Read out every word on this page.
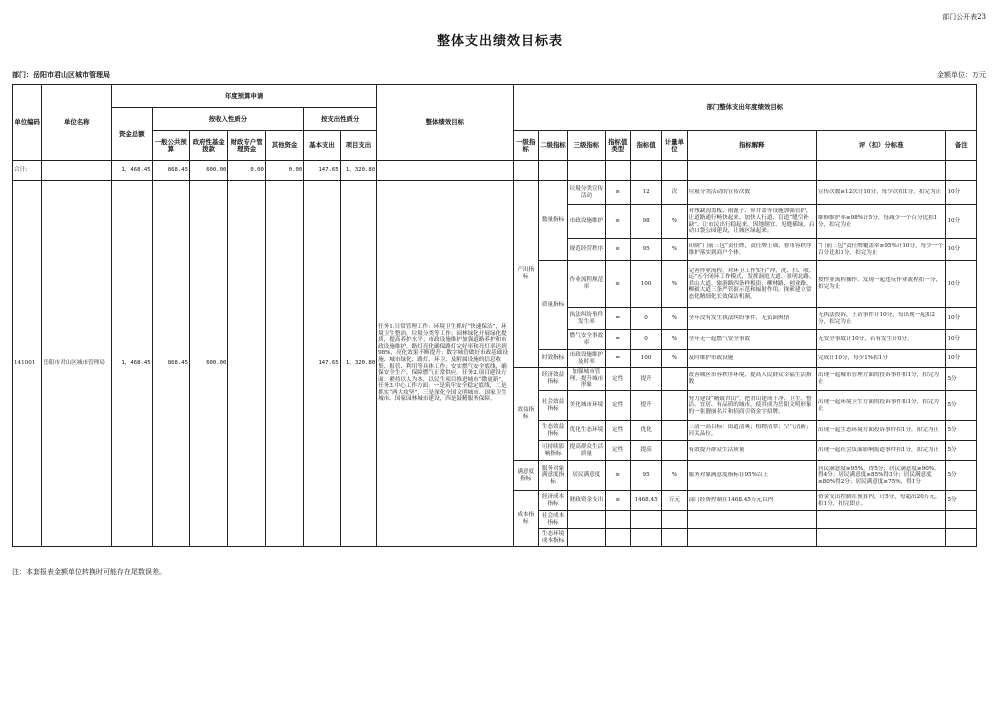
部门公开表23
整体支出绩效目标表
部门：岳阳市君山区城市管理局	金额单位：万元
单位编码	单位名称	年度预算申请							整体绩效目标	部门整体支出年度绩效目标								
		资金总额	按收入性质分				按支出性质分											
			一般公共预算	政府性基金拨款	财政专户管理资金	其他资金	基本支出	项目支出										
										一级指标	二级指标	三级指标	指标值类型	指标值	计量单位	指标解释	评（扣）分标准	备注
合计:		1，468.45	868.45	600.00	0.00	0.00	147.65	1，320.80										
141001	岳阳市君山区城市管理局	1，468.45	868.45	600.00			147.65	1，320.80	任务1.日常管理工作：环境卫生抓好“快速保洁”，环境卫生整治，垃圾分类等工作；园林绿化开展绿化提质，提高养护水平；市政设施维护加强道路养护和市政设施维护，路灯亮化确保路灯完好率和亮灯率达到98%，亮化效果不断提升；数字城管做好市政基础设施、城市绿化、路灯、环卫、及附属设施的信息收集、报管、利用等具体工作；安实燃气安全底线，确保安全生产，保障燃气正常供应。任务2.项目建设方面：紧持以人为本，以民生项目推进城市“微更新”。任务3.中心工作方面：一是筑牢安全稳定底线，二是抓实“两大攻坚”，三是深化全国文明城市、国家卫生城市、国家园林城市建设，四是鼓精服务保障。	产出指标	数量指标	垃圾分类宣传活动	≥	12	次	垃圾分类活动的宣传次数	宣传次数≥12次计10分，每少次扣1分，扣完为止	10分
												市政设施维护	≥	98	%	对残缺沟盖板、雨篦子、箅井盖等设施加强管护，让道路通行畅快起来。加快人行道、盲道“缝空补缺”，让市民出行稳起来。因地制宜、见缝插绿，启动口袋公园建设，让城区绿起来。	维修维护率≥98%计5分，每减少一个百分比扣1分，扣完为止	10分
												规范经营秩序	≥	95	%	印制“门前三包”责任牌，责任牌上墙，督市容秩序维护落实到商户个体。	“门前三包”责任牌覆盖率≥95%计10分，每少一个百分比扣1分，扣完为止	10分
											质量指标	作业流程规范率	≥	100	%	完善作业流程，对环卫工作实行“冲、洗、扫、收、运”五个闭环工作模式，发挥洞庭大道、景明北路、君山大道、旅游路四条样板街；柳林路、创业路、柳毅大道三条严管街示范和辐射作用，探索建立常态化精细化长效保洁机制。	按作业流程操作，发现一起违反作业流程扣一分，扣完为止	10分
												执法纠纷事件发生率	=	0	%	全年没有发生执法纠纷事件，无负面舆情	无执法投诉，上访事件计10分，每出现一起扣2分，扣完为止	10分
												燃气安全事故率	=	0	%	全年无一起燃气安全事故	无安全事故计10分，若有发生计0分。	10分
											时效指标	市政设施维护及时率	=	100	%	及时维护市政设施	完成计10分，每少1%扣1分	10分
										效益指标	经济效益指标	加强城市管理，提升城市形象	定性	提升		改善城区市容秩序环境，提高人民群众幸福生活指数	出现一起城市管理方面的投诉事件扣1分，扣完为止	5分
											社会效益指标	美化城市环境	定性	提升		努力建设“精致君山”，把君山建成干净、卫生、整洁、宜居、有品质的城市，使其成为岳阳文明形象的一张靓丽名片和招商引资金字招牌。	出现一起环境卫生方面的投诉事件扣1分，扣完为止	5分
											生态效益指标	优化生态环境	定性	优化		三清一高目标：街道清爽；植物清翠；空气清新；河关品位。	出现一起生态环境方面投诉事件扣1分，扣完为止	5分
											可持续影响指标	提高群众生活质量	定性	提高		有效提升群众生活质量	出现一起社会负面影响报道事件扣1分，扣完为止	5分
										满意度指标	服务对象满意度指标	居民满意度	≥	95	%	服务对象满意度指标在95%以上	居民满意度≥95%，得5分；居民满意度≥90%，得4分；居民满意度≥85%得3分；居民满意度≥80%得2分；居民满意度≥75%，得1分	5分
										成本指标	经济成本指标	财政资金支出	≤	1468.45	万元	部门经费控制在1468.45万元以内	资金支出控制在预算内，计5分，每超出20万元，扣1分，扣完即止。	5分
											社会成本指标							
											生态环境成本指标							
注：本套报表金额单位转换时可能存在尾数误差。
